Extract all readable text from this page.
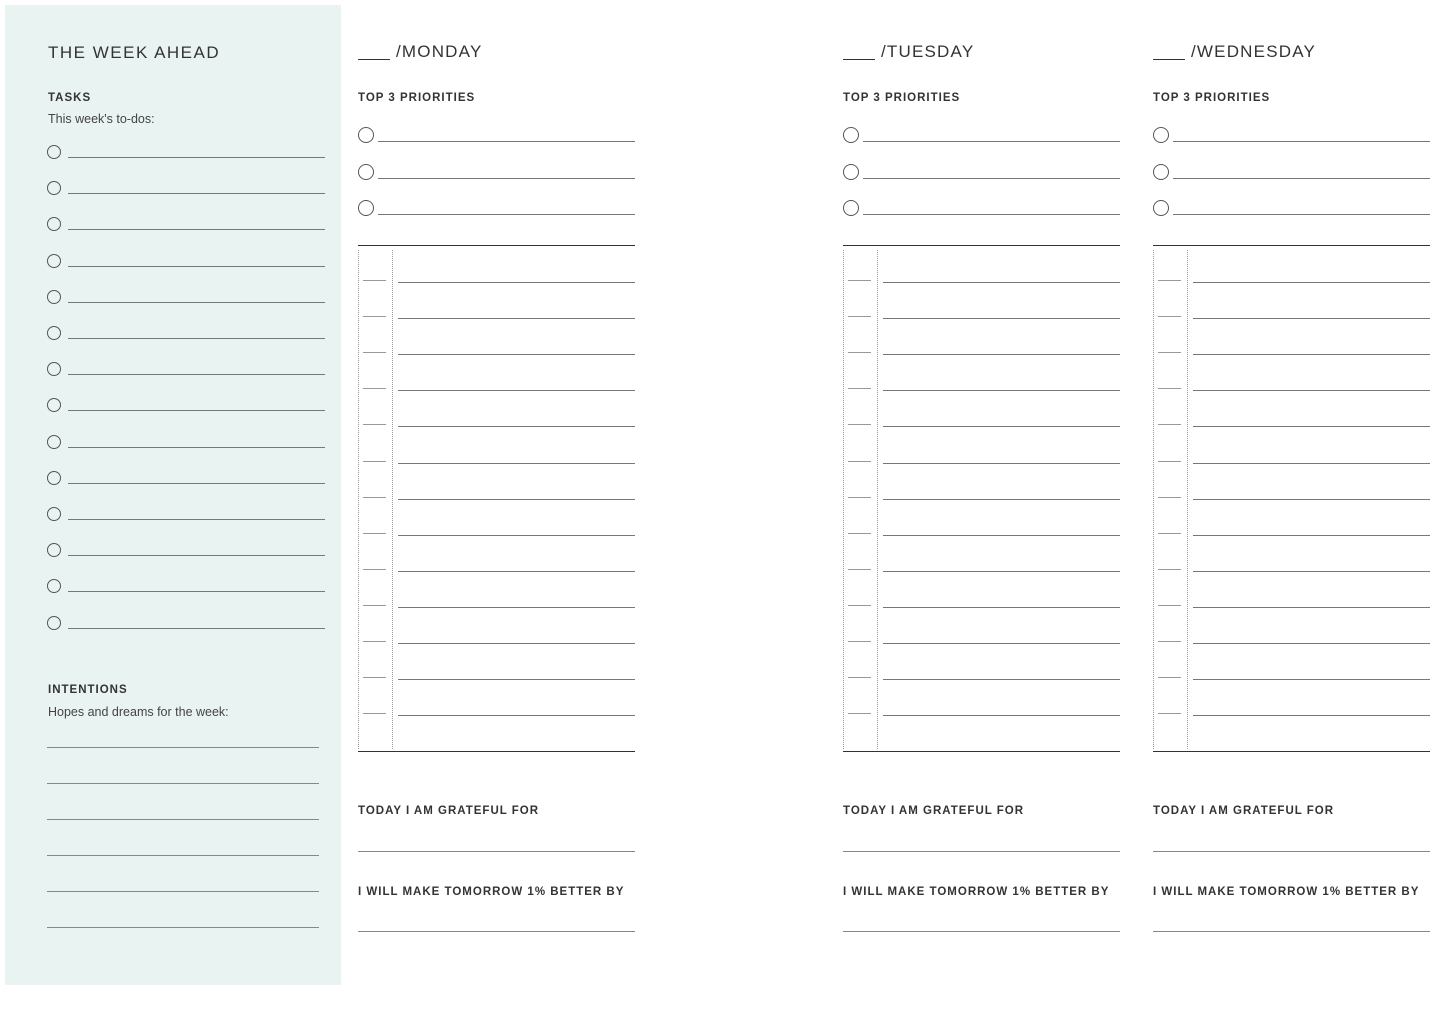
THE WEEK AHEAD
TASKS
This week's to-dos:
INTENTIONS
Hopes and dreams for the week:
/MONDAY
TOP 3 PRIORITIES
TODAY I AM GRATEFUL FOR
I WILL MAKE TOMORROW 1% BETTER BY
/TUESDAY
TOP 3 PRIORITIES
TODAY I AM GRATEFUL FOR
I WILL MAKE TOMORROW 1% BETTER BY
/WEDNESDAY
TOP 3 PRIORITIES
TODAY I AM GRATEFUL FOR
I WILL MAKE TOMORROW 1% BETTER BY
